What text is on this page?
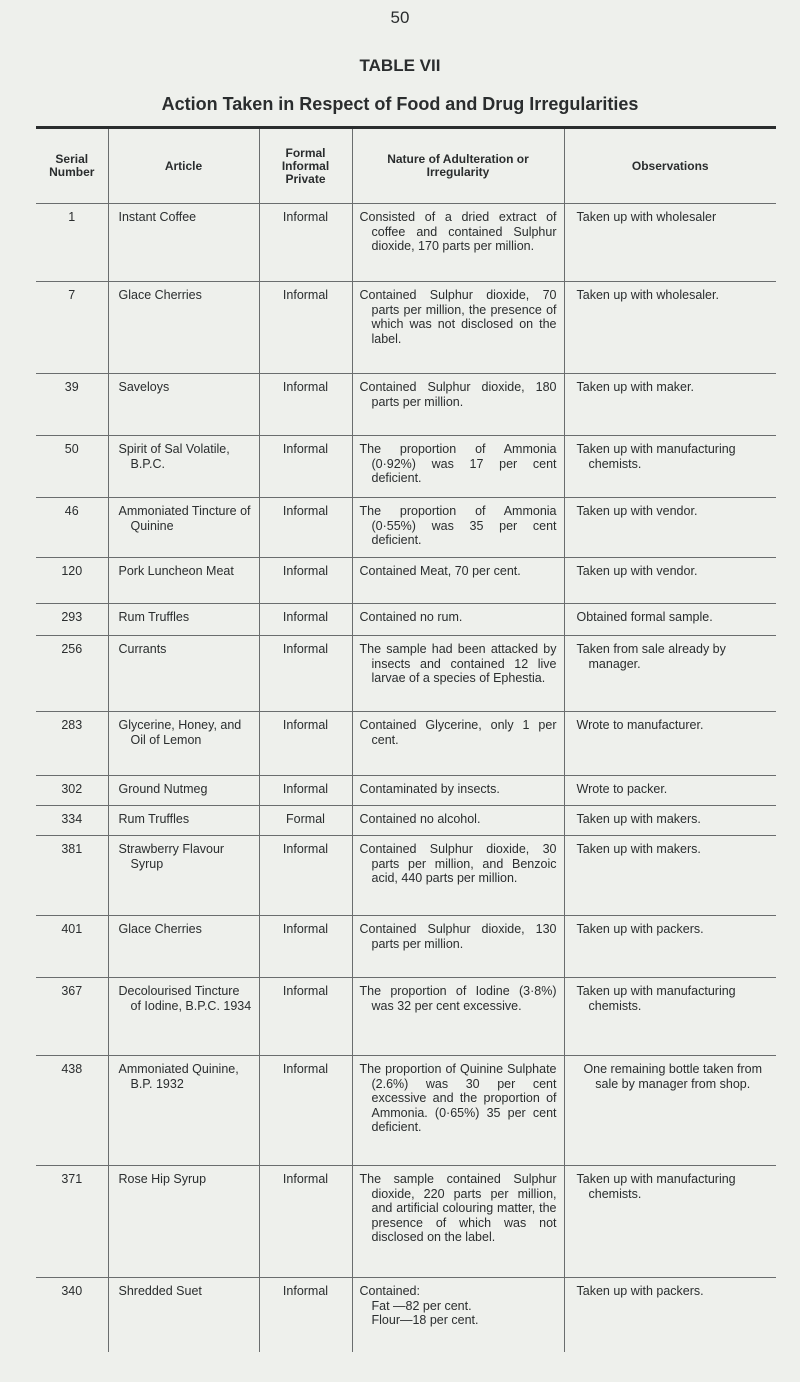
50
TABLE VII
Action Taken in Respect of Food and Drug Irregularities
Serial Number	Article	Formal Informal Private	Nature of Adulteration or Irregularity	Observations
1	Instant Coffee	Informal	Consisted of a dried extract of coffee and contained Sulphur dioxide, 170 parts per million.	Taken up with wholesaler
7	Glace Cherries	Informal	Contained Sulphur dioxide, 70 parts per million, the presence of which was not disclosed on the label.	Taken up with wholesaler.
39	Saveloys	Informal	Contained Sulphur dioxide, 180 parts per million.	Taken up with maker.
50	Spirit of Sal Volatile, B.P.C.	Informal	The proportion of Ammonia (0·92%) was 17 per cent deficient.	Taken up with manufacturing chemists.

46	Ammoniated Tincture of Quinine	Informal	The proportion of Ammonia (0·55%) was 35 per cent deficient.	Taken up with vendor.
120	Pork Luncheon Meat	Informal	Contained Meat, 70 per cent.	Taken up with vendor.
293	Rum Truffles	Informal	Contained no rum.	Obtained formal sample.
256	Currants	Informal	The sample had been attacked by insects and contained 12 live larvae of a species of Ephestia.	Taken from sale already by manager.

283	Glycerine, Honey, and Oil of Lemon	Informal	Contained Glycerine, only 1 per cent.	Wrote to manufacturer.
302	Ground Nutmeg	Informal	Contaminated by insects.	Wrote to packer.
334	Rum Truffles	Formal	Contained no alcohol.	Taken up with makers.
381	Strawberry Flavour Syrup	Informal	Contained Sulphur dioxide, 30 parts per million, and Benzoic acid, 440 parts per million.	Taken up with makers.
401	Glace Cherries	Informal	Contained Sulphur dioxide, 130 parts per million.	Taken up with packers.
367	Decolourised Tincture of Iodine, B.P.C. 1934	Informal	The proportion of Iodine (3·8%) was 32 per cent excessive.	Taken up with manufacturing chemists.

438	Ammoniated Quinine, B.P. 1932	Informal	The proportion of Quinine Sulphate (2.6%) was 30 per cent excessive and the proportion of Ammonia. (0·65%) 35 per cent deficient.	One remaining bottle taken from sale by manager from shop.

371	Rose Hip Syrup	Informal	The sample contained Sulphur dioxide, 220 parts per million, and artificial colouring matter, the presence of which was not disclosed on the label.	Taken up with manufacturing chemists.

340	Shredded Suet	Informal	Contained:
Fat —82 per cent.
Flour—18 per cent.	Taken up with packers.
